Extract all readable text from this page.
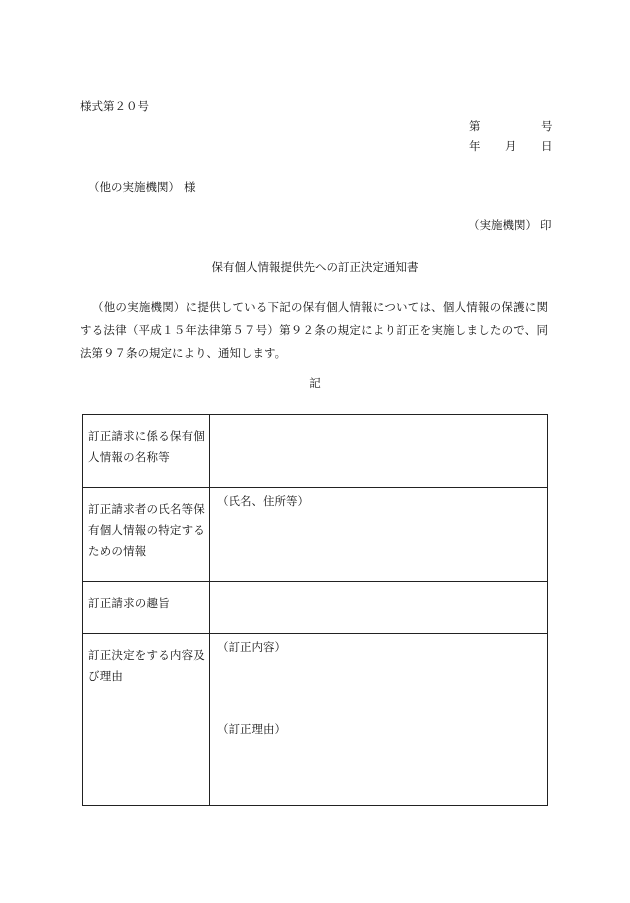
様式第２０号
第	号
年 月 日
（他の実施機関） 様
（実施機関） 印
保有個人情報提供先への訂正決定通知書
（他の実施機関）に提供している下記の保有個人情報については、個人情報の保護に関する法律（平成１５年法律第５７号）第９２条の規定により訂正を実施しましたので、同法第９７条の規定により、通知します。
記
訂正請求に係る保有個人情報の名称等	
訂正請求者の氏名等保有個人情報の特定するための情報	（氏名、住所等）
訂正請求の趣旨	
訂正決定をする内容及び理由	（訂正内容）
（訂正理由）
